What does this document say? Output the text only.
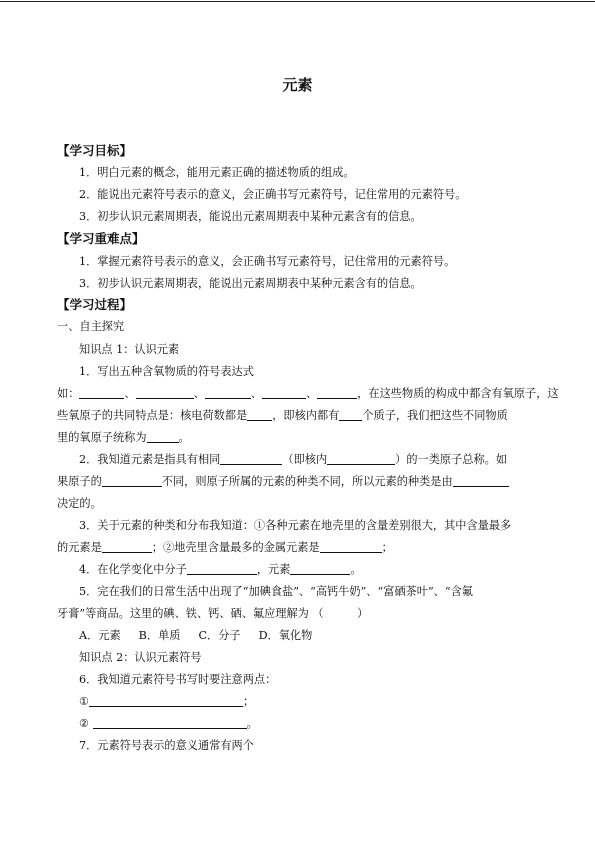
元素
【学习目标】
1．明白元素的概念，能用元素正确的描述物质的组成。
2．能说出元素符号表示的意义，会正确书写元素符号，记住常用的元素符号。
3．初步认识元素周期表，能说出元素周期表中某种元素含有的信息。
【学习重难点】
1．掌握元素符号表示的意义，会正确书写元素符号，记住常用的元素符号。
3．初步认识元素周期表，能说出元素周期表中某种元素含有的信息。
【学习过程】
一、自主探究
知识点 1：认识元素
1．写出五种含氧物质的符号表达式
如：	、	、	、	、	，在这些物质的构成中都含有氧原子，这
些氧原子的共同特点是：核电荷数都是 ，即核内都有 个质子，我们把这些不同物质
里的氧原子统称为	。
2．我知道元素是指具有相同	（即核内	）的一类原子总称。如
果原子的	不同，则原子所属的元素的种类不同，所以元素的种类是由
决定的。
3．关于元素的种类和分布我知道：①各种元素在地壳里的含量差别很大，其中含量最多
的元素是	；②地壳里含量最多的金属元素是	；
4．在化学变化中分子	，元素	。
5．完在我们的日常生活中出现了“加碘食盐”、“高钙牛奶”、“富硒茶叶”、“含氟
牙膏”等商品。这里的碘、铁、钙、硒、氟应理解为 （　　　）
A．元素 B．单质 C．分子 D．氧化物
知识点 2：认识元素符号
6．我知道元素符号书写时要注意两点：
①	；
②	。
7．元素符号表示的意义通常有两个
